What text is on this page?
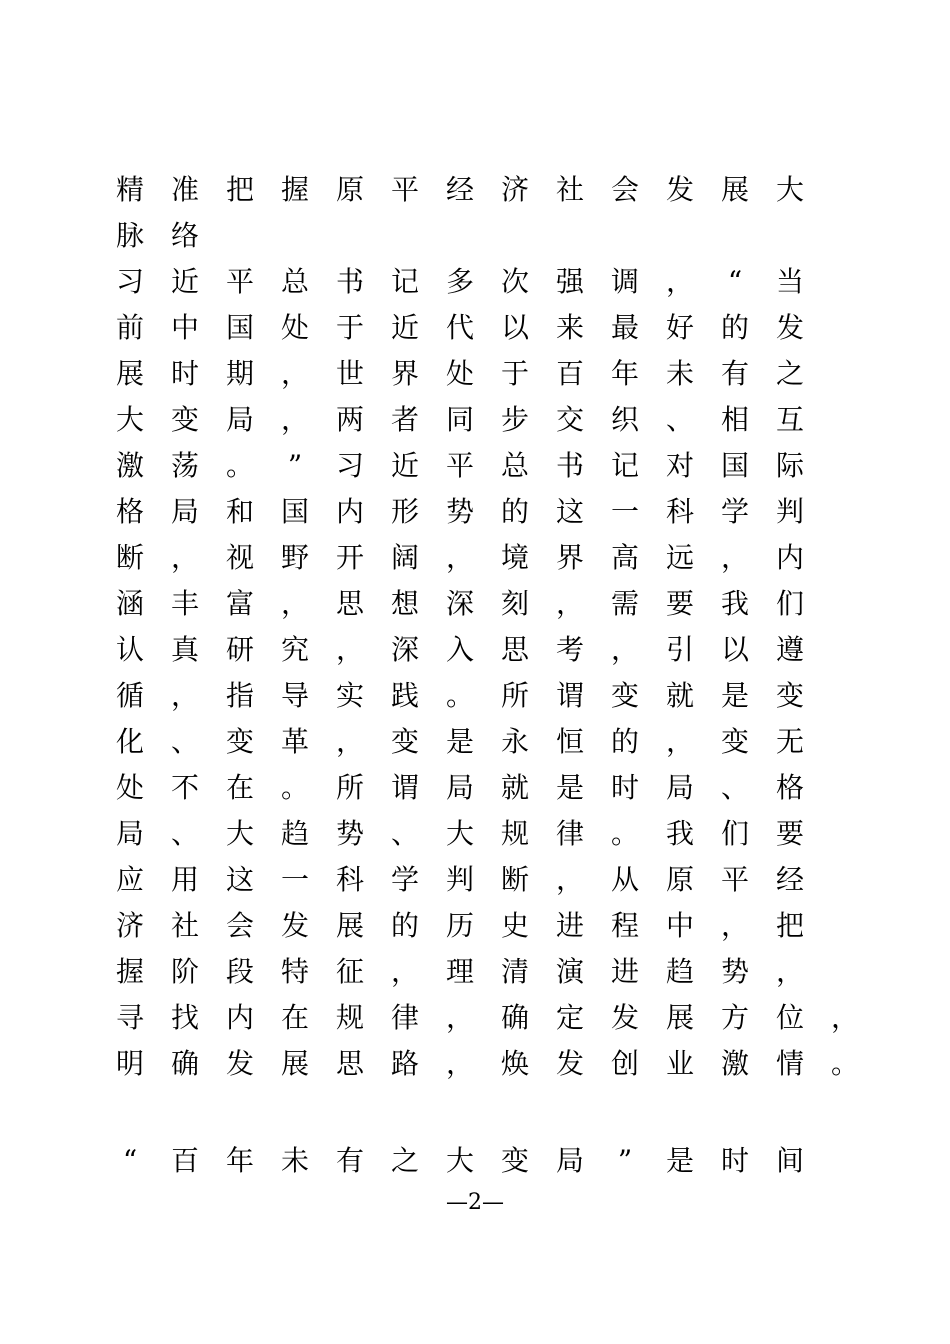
精 准 把 握 原 平 经 济 社 会 发 展 大
脉 络
习 近 平 总 书 记 多 次 强 调 ，	“	当
前 中 国 处 于 近 代 以 来 最 好 的 发
展 时 期 ， 世 界 处 于 百 年 未 有 之
大 变 局 ， 两 者 同 步 交 织 、 相 互
激 荡 。	”	习 近 平 总 书 记 对 国 际
格 局 和 国 内 形 势 的 这 一 科 学 判
断 ， 视 野 开 阔 ， 境 界 高 远 ， 内
涵 丰 富 ， 思 想 深 刻 ， 需 要 我 们
认 真 研 究 ， 深 入 思 考 ， 引 以 遵
循 ， 指 导 实 践 。 所 谓 变 就 是 变
化 、 变 革 ， 变 是 永 恒 的 ， 变 无
处 不 在 。 所 谓 局 就 是 时 局 、 格
局 、 大 趋 势 、 大 规 律 。 我 们 要
应 用 这 一 科 学 判 断 ， 从 原 平 经
济 社 会 发 展 的 历 史 进 程 中 ， 把
握 阶 段 特 征 ， 理 清 演 进 趋 势 ，
寻 找 内 在 规 律 ， 确 定 发 展 方 位 ，
明 确 发 展 思 路 ， 焕 发 创 业 激 情 。
“	百 年 未 有 之 大 变 局	”	是 时 间
—2—
